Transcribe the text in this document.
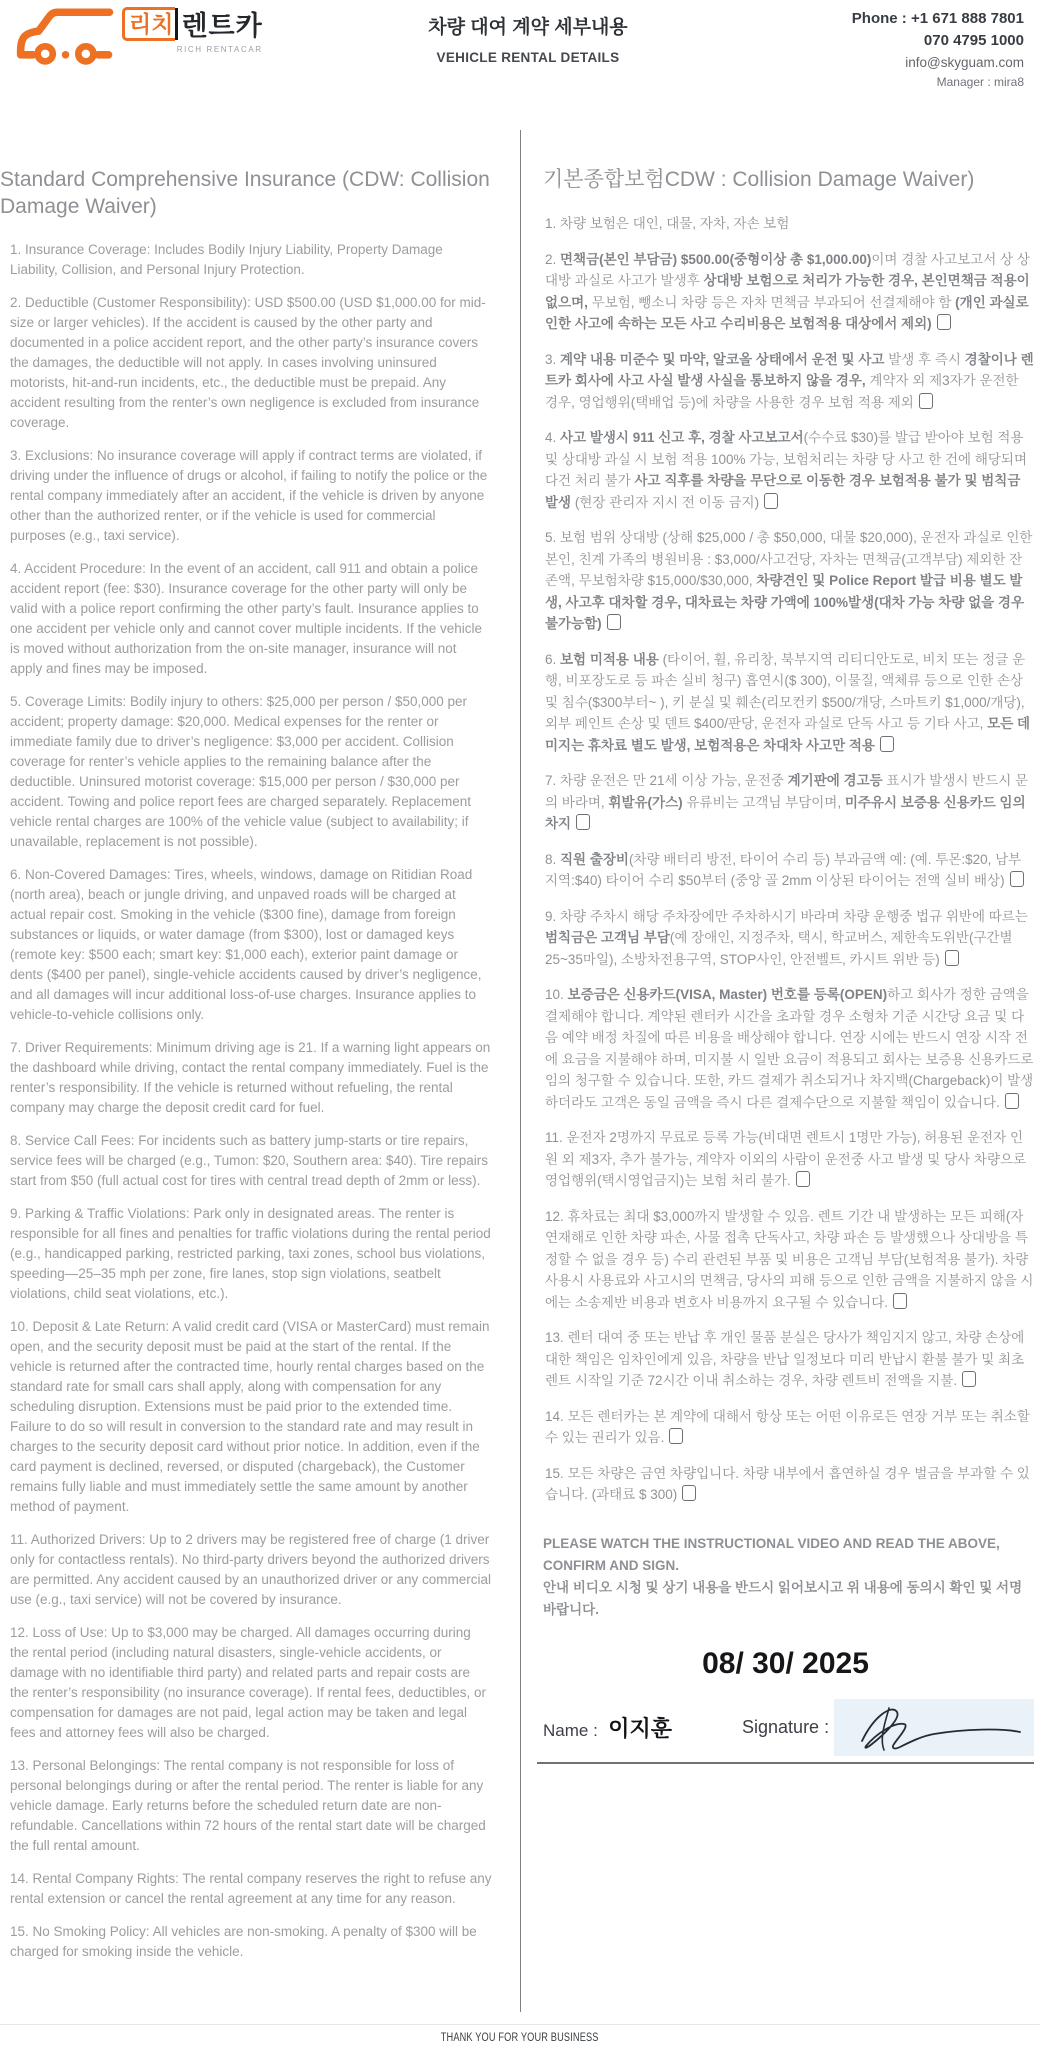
리치 렌트카
RICH RENTACAR
차량 대여 계약 세부내용
VEHICLE RENTAL DETAILS
Phone : +1 671 888 7801
070 4795 1000
info@skyguam.com
Manager : mira8
Standard Comprehensive Insurance (CDW: Collision Damage Waiver)

1. Insurance Coverage: Includes Bodily Injury Liability, Property Damage Liability, Collision, and Personal Injury Protection.

2. Deductible (Customer Responsibility): USD $500.00 (USD $1,000.00 for mid-size or larger vehicles). If the accident is caused by the other party and documented in a police accident report, and the other party’s insurance covers the damages, the deductible will not apply. In cases involving uninsured motorists, hit-and-run incidents, etc., the deductible must be prepaid. Any accident resulting from the renter’s own negligence is excluded from insurance coverage.

3. Exclusions: No insurance coverage will apply if contract terms are violated, if driving under the influence of drugs or alcohol, if failing to notify the police or the rental company immediately after an accident, if the vehicle is driven by anyone other than the authorized renter, or if the vehicle is used for commercial purposes (e.g., taxi service).

4. Accident Procedure: In the event of an accident, call 911 and obtain a police accident report (fee: $30). Insurance coverage for the other party will only be valid with a police report confirming the other party’s fault. Insurance applies to one accident per vehicle only and cannot cover multiple incidents. If the vehicle is moved without authorization from the on-site manager, insurance will not apply and fines may be imposed.

5. Coverage Limits: Bodily injury to others: $25,000 per person / $50,000 per accident; property damage: $20,000. Medical expenses for the renter or immediate family due to driver’s negligence: $3,000 per accident. Collision coverage for renter’s vehicle applies to the remaining balance after the deductible. Uninsured motorist coverage: $15,000 per person / $30,000 per accident. Towing and police report fees are charged separately. Replacement vehicle rental charges are 100% of the vehicle value (subject to availability; if unavailable, replacement is not possible).

6. Non-Covered Damages: Tires, wheels, windows, damage on Ritidian Road (north area), beach or jungle driving, and unpaved roads will be charged at actual repair cost. Smoking in the vehicle ($300 fine), damage from foreign substances or liquids, or water damage (from $300), lost or damaged keys (remote key: $500 each; smart key: $1,000 each), exterior paint damage or dents ($400 per panel), single-vehicle accidents caused by driver’s negligence, and all damages will incur additional loss-of-use charges. Insurance applies to vehicle-to-vehicle collisions only.

7. Driver Requirements: Minimum driving age is 21. If a warning light appears on the dashboard while driving, contact the rental company immediately. Fuel is the renter’s responsibility. If the vehicle is returned without refueling, the rental company may charge the deposit credit card for fuel.

8. Service Call Fees: For incidents such as battery jump-starts or tire repairs, service fees will be charged (e.g., Tumon: $20, Southern area: $40). Tire repairs start from $50 (full actual cost for tires with central tread depth of 2mm or less).

9. Parking & Traffic Violations: Park only in designated areas. The renter is responsible for all fines and penalties for traffic violations during the rental period (e.g., handicapped parking, restricted parking, taxi zones, school bus violations, speeding—25–35 mph per zone, fire lanes, stop sign violations, seatbelt violations, child seat violations, etc.).

10. Deposit & Late Return: A valid credit card (VISA or MasterCard) must remain open, and the security deposit must be paid at the start of the rental. If the vehicle is returned after the contracted time, hourly rental charges based on the standard rate for small cars shall apply, along with compensation for any scheduling disruption. Extensions must be paid prior to the extended time. Failure to do so will result in conversion to the standard rate and may result in charges to the security deposit card without prior notice. In addition, even if the card payment is declined, reversed, or disputed (chargeback), the Customer remains fully liable and must immediately settle the same amount by another method of payment.

11. Authorized Drivers: Up to 2 drivers may be registered free of charge (1 driver only for contactless rentals). No third-party drivers beyond the authorized drivers are permitted. Any accident caused by an unauthorized driver or any commercial use (e.g., taxi service) will not be covered by insurance.

12. Loss of Use: Up to $3,000 may be charged. All damages occurring during the rental period (including natural disasters, single-vehicle accidents, or damage with no identifiable third party) and related parts and repair costs are the renter’s responsibility (no insurance coverage). If rental fees, deductibles, or compensation for damages are not paid, legal action may be taken and legal fees and attorney fees will also be charged.

13. Personal Belongings: The rental company is not responsible for loss of personal belongings during or after the rental period. The renter is liable for any vehicle damage. Early returns before the scheduled return date are non-refundable. Cancellations within 72 hours of the rental start date will be charged the full rental amount.

14. Rental Company Rights: The rental company reserves the right to refuse any rental extension or cancel the rental agreement at any time for any reason.

15. No Smoking Policy: All vehicles are non-smoking. A penalty of $300 will be charged for smoking inside the vehicle.

기본종합보험CDW : Collision Damage Waiver)

1. 차량 보험은 대인, 대물, 자차, 자손 보험

2. 면책금(본인 부담금) $500.00(중형이상 총 $1,000.00)이며 경찰 사고보고서 상 상대방 과실로 사고가 발생후 상대방 보험으로 처리가 가능한 경우, 본인면책금 적용이 없으며, 무보험, 뺑소니 차량 등은 자차 면책금 부과되어 선결제해야 함 (개인 과실로 인한 사고에 속하는 모든 사고 수리비용은 보험적용 대상에서 제외)

3. 계약 내용 미준수 및 마약, 알코올 상태에서 운전 및 사고 발생 후 즉시 경찰이나 렌트카 회사에 사고 사실 발생 사실을 통보하지 않을 경우, 계약자 외 제3자가 운전한 경우, 영업행위(택배업 등)에 차량을 사용한 경우 보험 적용 제외

4. 사고 발생시 911 신고 후, 경찰 사고보고서(수수료 $30)를 발급 받아야 보험 적용 및 상대방 과실 시 보험 적용 100% 가능, 보험처리는 차량 당 사고 한 건에 해당되며 다건 처리 불가 사고 직후를 차량을 무단으로 이동한 경우 보험적용 불가 및 범칙금 발생 (현장 관리자 지시 전 이동 금지)

5. 보험 범위 상대방 (상해 $25,000 / 총 $50,000, 대물 $20,000), 운전자 과실로 인한 본인, 친계 가족의 병원비용 : $3,000/사고건당, 자차는 면책금(고객부담) 제외한 잔존액, 무보험차량 $15,000/$30,000, 차량견인 및 Police Report 발급 비용 별도 발생, 사고후 대차할 경우, 대차료는 차량 가액에 100%발생(대차 가능 차량 없을 경우 불가능함)

6. 보험 미적용 내용 (타이어, 휠, 유리창, 북부지역 리티디안도로, 비치 또는 정글 운행, 비포장도로 등 파손 실비 청구) 흡연시($ 300), 이물질, 액체류 등으로 인한 손상 및 침수($300부터~ ), 키 분실 및 훼손(리모컨키 $500/개당, 스마트키 $1,000/개당), 외부 페인트 손상 및 덴트 $400/판당, 운전자 과실로 단독 사고 등 기타 사고, 모든 데미지는 휴차료 별도 발생, 보험적용은 차대차 사고만 적용

7. 차량 운전은 만 21세 이상 가능, 운전중 계기판에 경고등 표시가 발생시 반드시 문의 바라며, 휘발유(가스) 유류비는 고객님 부담이며, 미주유시 보증용 신용카드 임의 차지

8. 직원 출장비(차량 배터리 방전, 타이어 수리 등) 부과금액 예: (예. 투몬:$20, 남부지역:$40) 타이어 수리 $50부터 (중앙 골 2mm 이상된 타이어는 전액 실비 배상)

9. 차량 주차시 해당 주차장에만 주차하시기 바라며 차량 운행중 법규 위반에 따르는 범칙금은 고객님 부담(예 장애인, 지정주차, 택시, 학교버스, 제한속도위반(구간별 25~35마일), 소방차전용구역, STOP사인, 안전벨트, 카시트 위반 등)

10. 보증금은 신용카드(VISA, Master) 번호를 등록(OPEN)하고 회사가 정한 금액을 결제해야 합니다. 계약된 렌터카 시간을 초과할 경우 소형차 기준 시간당 요금 및 다음 예약 배정 차질에 따른 비용을 배상해야 합니다. 연장 시에는 반드시 연장 시작 전에 요금을 지불해야 하며, 미지불 시 일반 요금이 적용되고 회사는 보증용 신용카드로 임의 청구할 수 있습니다. 또한, 카드 결제가 취소되거나 차지백(Chargeback)이 발생하더라도 고객은 동일 금액을 즉시 다른 결제수단으로 지불할 책임이 있습니다.

11. 운전자 2명까지 무료로 등록 가능(비대면 렌트시 1명만 가능), 허용된 운전자 인원 외 제3자, 추가 불가능, 계약자 이외의 사람이 운전중 사고 발생 및 당사 차량으로 영업행위(택시영업금지)는 보험 처리 불가.

12. 휴차료는 최대 $3,000까지 발생할 수 있음. 렌트 기간 내 발생하는 모든 피해(자연재해로 인한 차량 파손, 사물 접촉 단독사고, 차량 파손 등 발생했으나 상대방을 특정할 수 없을 경우 등) 수리 관련된 부품 및 비용은 고객님 부담(보험적용 불가). 차량 사용시 사용료와 사고시의 면책금, 당사의 피해 등으로 인한 금액을 지불하지 않을 시에는 소송제반 비용과 변호사 비용까지 요구될 수 있습니다.

13. 렌터 대여 중 또는 반납 후 개인 물품 분실은 당사가 책임지지 않고, 차량 손상에 대한 책임은 임차인에게 있음, 차량을 반납 일정보다 미리 반납시 환불 불가 및 최초 렌트 시작일 기준 72시간 이내 취소하는 경우, 차량 렌트비 전액을 지불.

14. 모든 렌터카는 본 계약에 대해서 항상 또는 어떤 이유로든 연장 거부 또는 취소할 수 있는 권리가 있음.

15. 모든 차량은 금연 차량입니다. 차량 내부에서 흡연하실 경우 벌금을 부과할 수 있습니다. (과태료 $ 300)

PLEASE WATCH THE INSTRUCTIONAL VIDEO AND READ THE ABOVE, CONFIRM AND SIGN.
안내 비디오 시청 및 상기 내용을 반드시 읽어보시고 위 내용에 동의시 확인 및 서명 바랍니다.

08/ 30/ 2025
Name : 이지훈	Signature :
THANK YOU FOR YOUR BUSINESS
